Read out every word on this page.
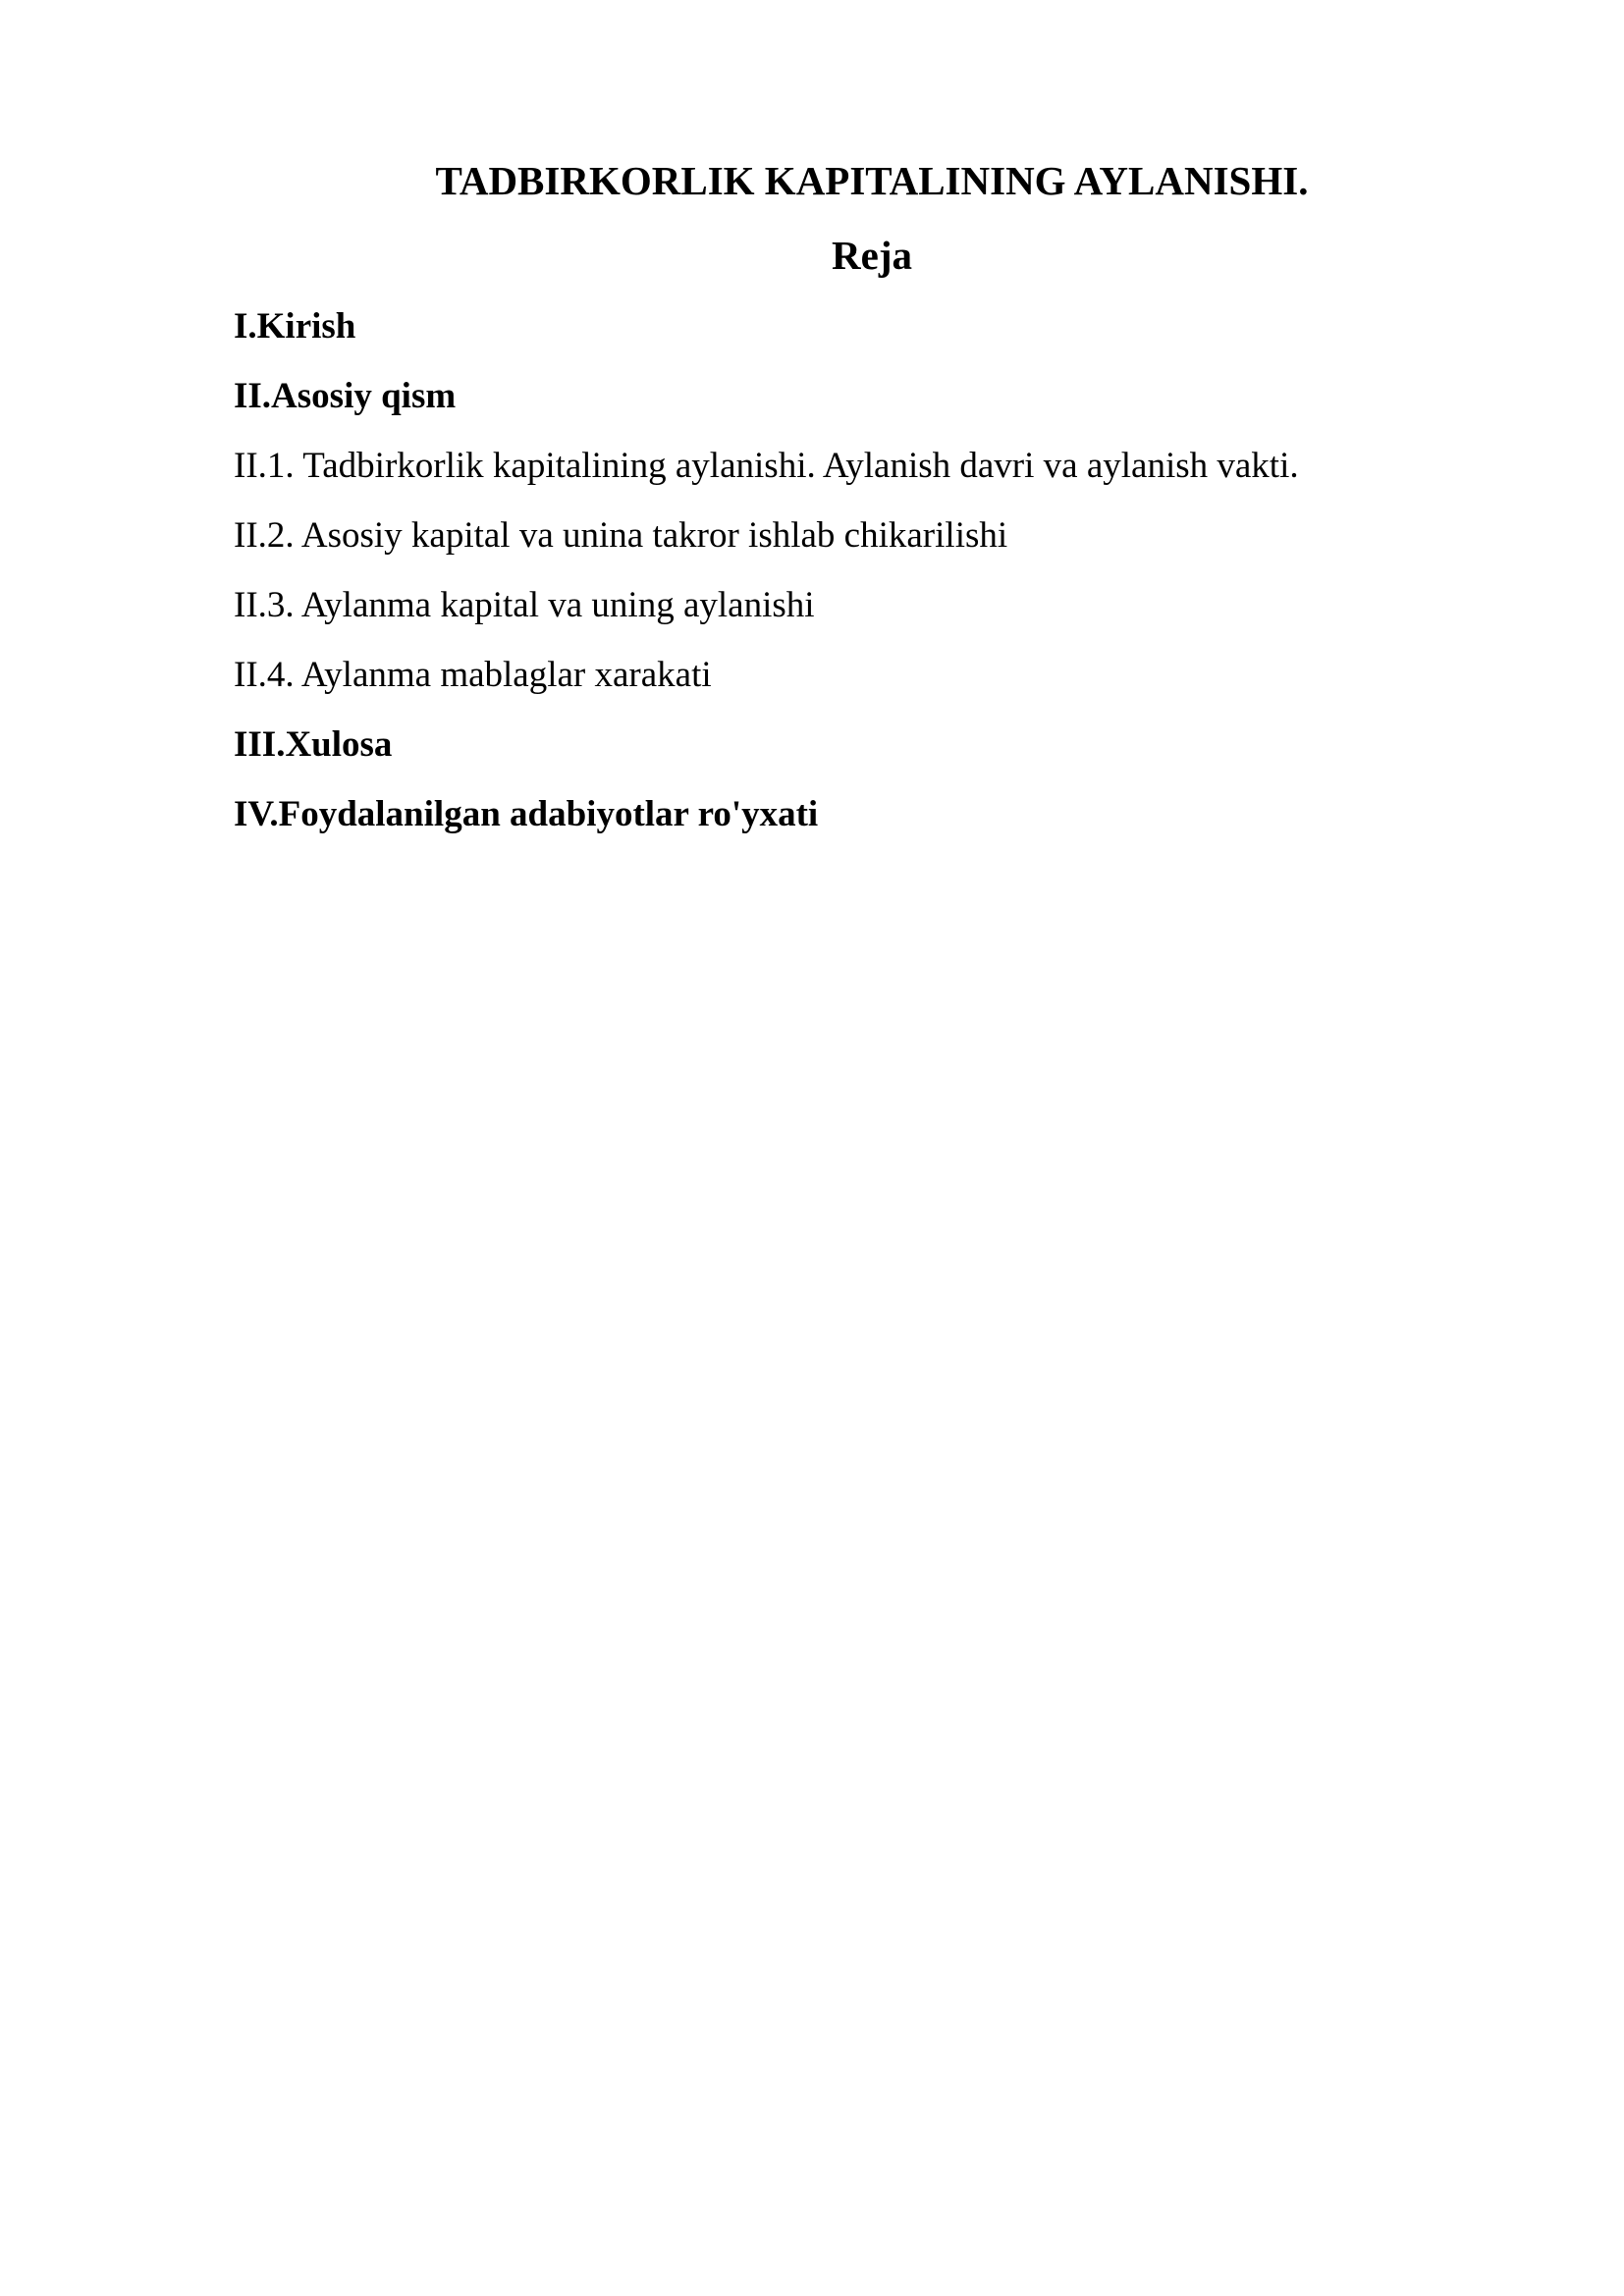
TADBIRKORLIK KAPITALINING AYLANISHI.
Reja
I.Kirish
II.Asosiy qism
II.1. Tadbirkorlik kapitalining aylanishi. Aylanish davri va aylanish vakti.
II.2. Asosiy kapital va unina takror ishlab chikarilishi
II.3. Aylanma kapital va uning aylanishi
II.4. Aylanma mablaglar xarakati
III.Xulosa
IV.Foydalanilgan adabiyotlar ro'yxati
